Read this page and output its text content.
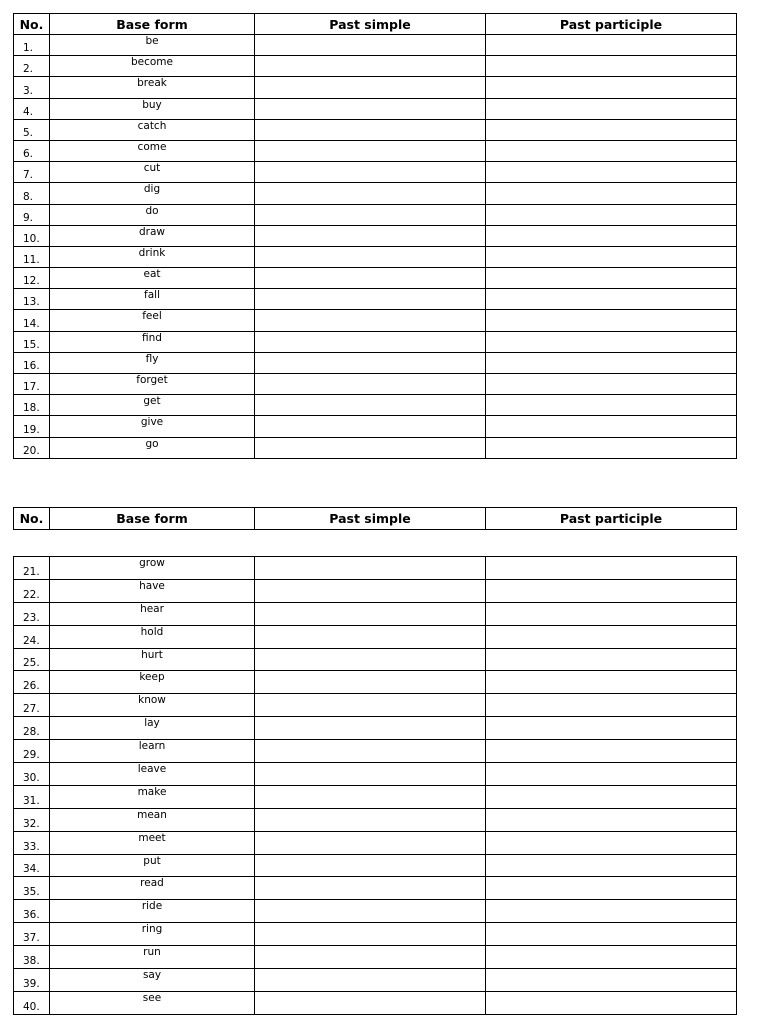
No.	Base form	Past simple	Past participle
1.	be		
2.	become		
3.	break		
4.	buy		
5.	catch		
6.	come		
7.	cut		
8.	dig		
9.	do		
10.	draw		
11.	drink		
12.	eat		
13.	fall		
14.	feel		
15.	find		
16.	fly		
17.	forget		
18.	get		
19.	give		
20.	go		
No.	Base form	Past simple	Past participle
21.	grow		
22.	have		
23.	hear		
24.	hold		
25.	hurt		
26.	keep		
27.	know		
28.	lay		
29.	learn		
30.	leave		
31.	make		
32.	mean		
33.	meet		
34.	put		
35.	read		
36.	ride		
37.	ring		
38.	run		
39.	say		
40.	see		
